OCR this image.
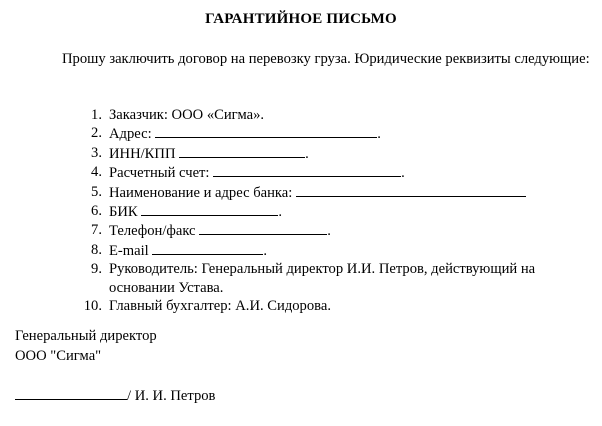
ГАРАНТИЙНОЕ ПИСЬМО
Прошу заключить договор на перевозку груза. Юридические реквизиты следующие:
1. Заказчик: ООО «Сигма».
2. Адрес:	.
3. ИНН/КПП	.
4. Расчетный счет:	.
5. Наименование и адрес банка:
6. БИК	.
7. Телефон/факс	.
8. E-mail	.
9. Руководитель: Генеральный директор И.И. Петров, действующий на основании Устава.
10. Главный бухгалтер: А.И. Сидорова.
Генеральный директор
ООО "Сигма"
/ И. И. Петров
